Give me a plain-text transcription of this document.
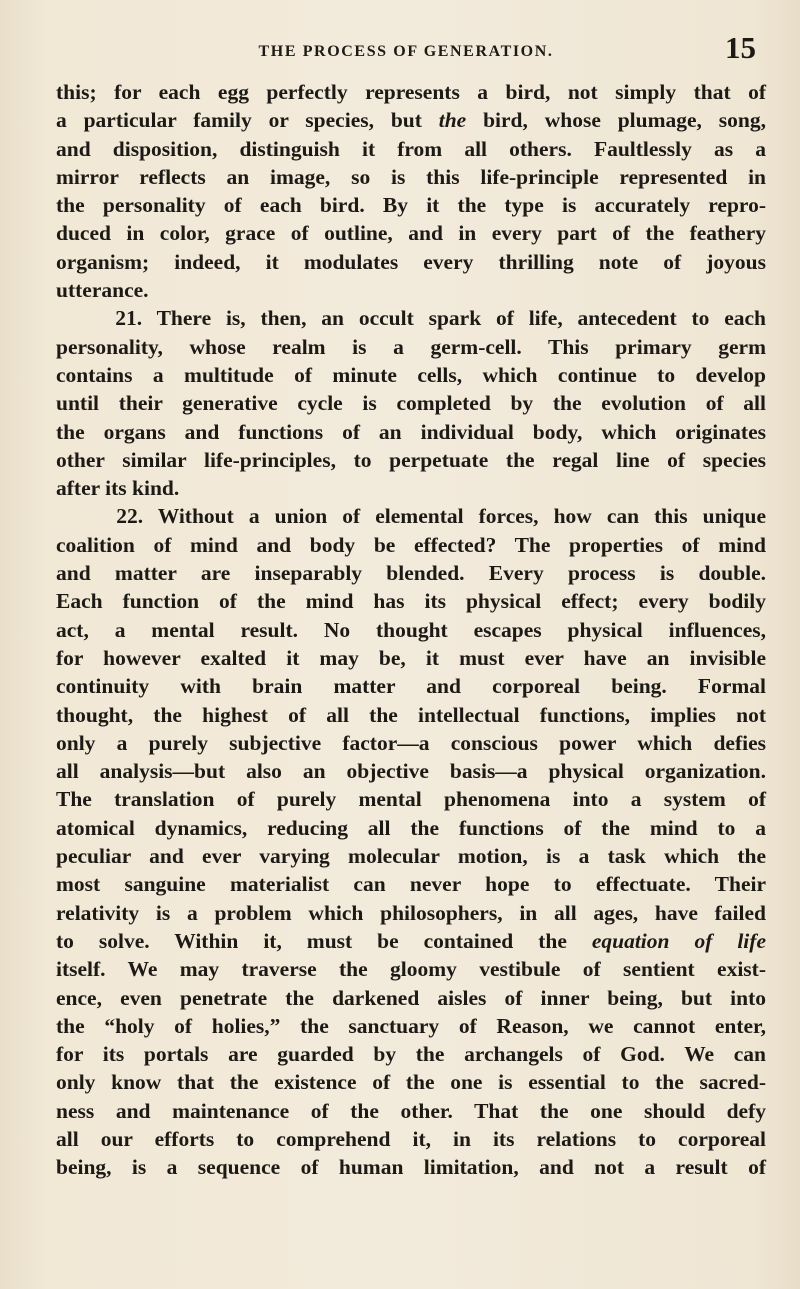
THE PROCESS OF GENERATION.	15
this; for each egg perfectly represents a bird, not simply that of
a particular family or species, but the bird, whose plumage, song,
and disposition, distinguish it from all others. Faultlessly as a
mirror reflects an image, so is this life-principle represented in
the personality of each bird. By it the type is accurately repro-
duced in color, grace of outline, and in every part of the feathery
organism; indeed, it modulates every thrilling note of joyous
utterance.
21. There is, then, an occult spark of life, antecedent to each
personality, whose realm is a germ-cell. This primary germ
contains a multitude of minute cells, which continue to develop
until their generative cycle is completed by the evolution of all
the organs and functions of an individual body, which originates
other similar life-principles, to perpetuate the regal line of species
after its kind.
22. Without a union of elemental forces, how can this unique
coalition of mind and body be effected? The properties of mind
and matter are inseparably blended. Every process is double.
Each function of the mind has its physical effect; every bodily
act, a mental result. No thought escapes physical influences,
for however exalted it may be, it must ever have an invisible
continuity with brain matter and corporeal being. Formal
thought, the highest of all the intellectual functions, implies not
only a purely subjective factor—a conscious power which defies
all analysis—but also an objective basis—a physical organization.
The translation of purely mental phenomena into a system of
atomical dynamics, reducing all the functions of the mind to a
peculiar and ever varying molecular motion, is a task which the
most sanguine materialist can never hope to effectuate. Their
relativity is a problem which philosophers, in all ages, have failed
to solve. Within it, must be contained the equation of life
itself. We may traverse the gloomy vestibule of sentient exist-
ence, even penetrate the darkened aisles of inner being, but into
the “holy of holies,” the sanctuary of Reason, we cannot enter,
for its portals are guarded by the archangels of God. We can
only know that the existence of the one is essential to the sacred-
ness and maintenance of the other. That the one should defy
all our efforts to comprehend it, in its relations to corporeal
being, is a sequence of human limitation, and not a result of
